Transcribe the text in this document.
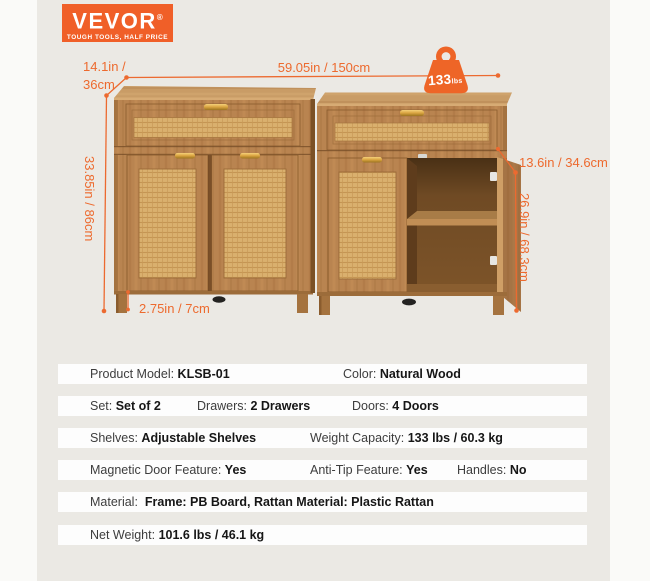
VEVOR®
TOUGH TOOLS, HALF PRICE
14.1in /
36cm
59.05in / 150cm
33.85in / 86cm
2.75in / 7cm
13.6in / 34.6cm
26.9in / 68.3cm
133lbs
Product Model: KLSB-01	Color: Natural Wood
Set: Set of 2	Drawers: 2 Drawers	Doors: 4 Doors
Shelves: Adjustable Shelves	Weight Capacity: 133 lbs / 60.3 kg
Magnetic Door Feature: Yes	Anti-Tip Feature: Yes Handles: No
Material:  Frame: PB Board, Rattan Material: Plastic Rattan
Net Weight: 101.6 lbs / 46.1 kg
